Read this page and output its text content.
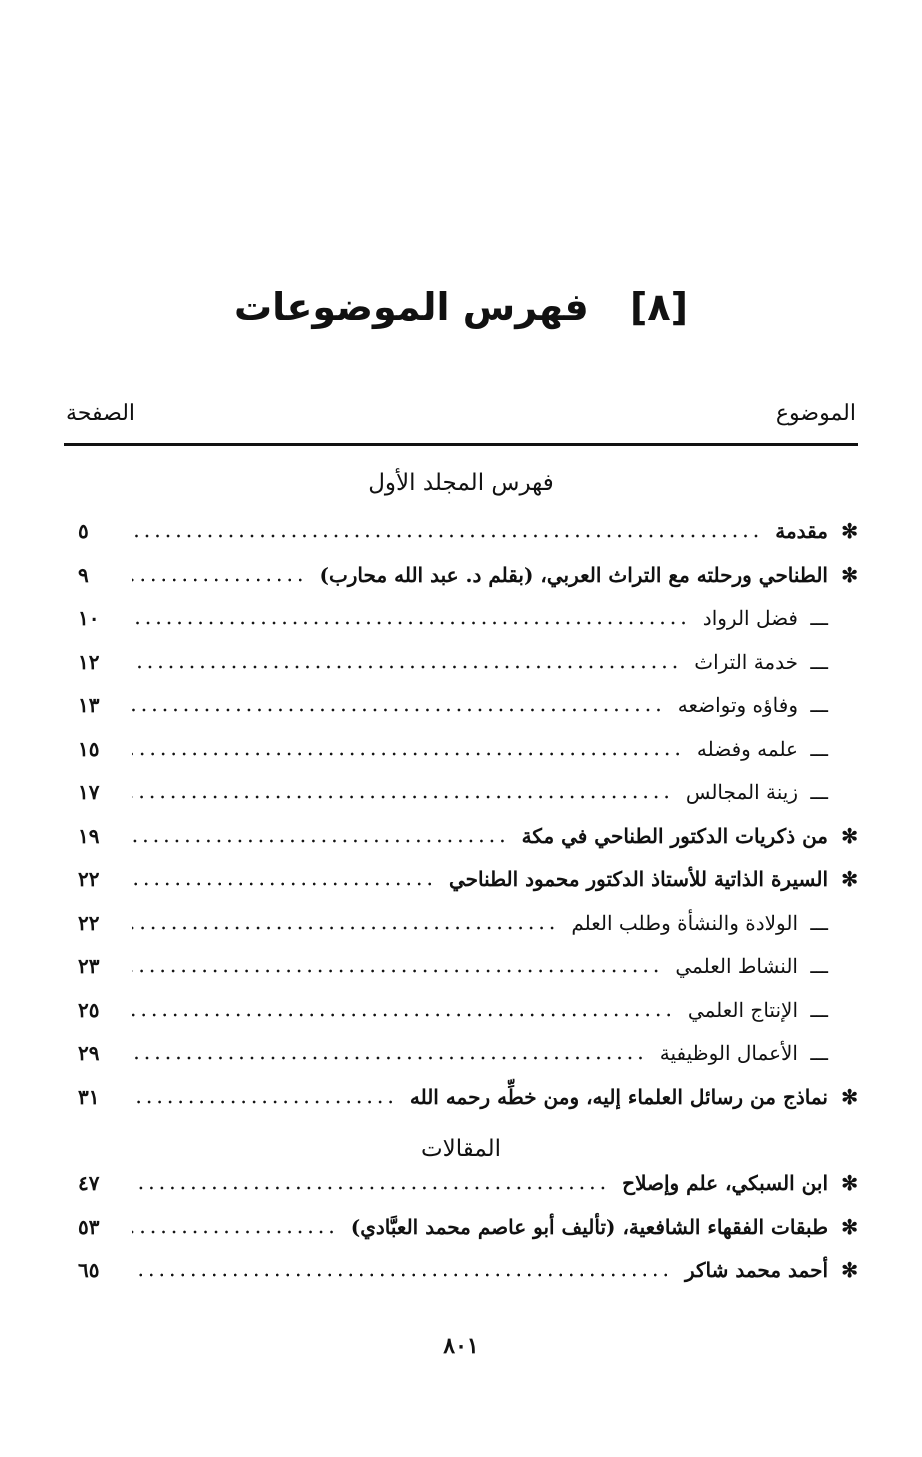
[٨] فهرس الموضوعات
الموضوع
الصفحة
فهرس المجلد الأول
✻
مقدمة
٥
✻
الطناحي ورحلته مع التراث العربي، (بقلم د. عبد الله محارب)
٩
ـــ
فضل الرواد
١٠
ـــ
خدمة التراث
١٢
ـــ
وفاؤه وتواضعه
١٣
ـــ
علمه وفضله
١٥
ـــ
زينة المجالس
١٧
✻
من ذكريات الدكتور الطناحي في مكة
١٩
✻
السيرة الذاتية للأستاذ الدكتور محمود الطناحي
٢٢
ـــ
الولادة والنشأة وطلب العلم
٢٢
ـــ
النشاط العلمي
٢٣
ـــ
الإنتاج العلمي
٢٥
ـــ
الأعمال الوظيفية
٢٩
✻
نماذج من رسائل العلماء إليه، ومن خطِّه رحمه الله
٣١
المقالات
✻
ابن السبكي، علم وإصلاح
٤٧
✻
طبقات الفقهاء الشافعية، (تأليف أبو عاصم محمد العبَّادي)
٥٣
✻
أحمد محمد شاكر
٦٥
٨٠١
